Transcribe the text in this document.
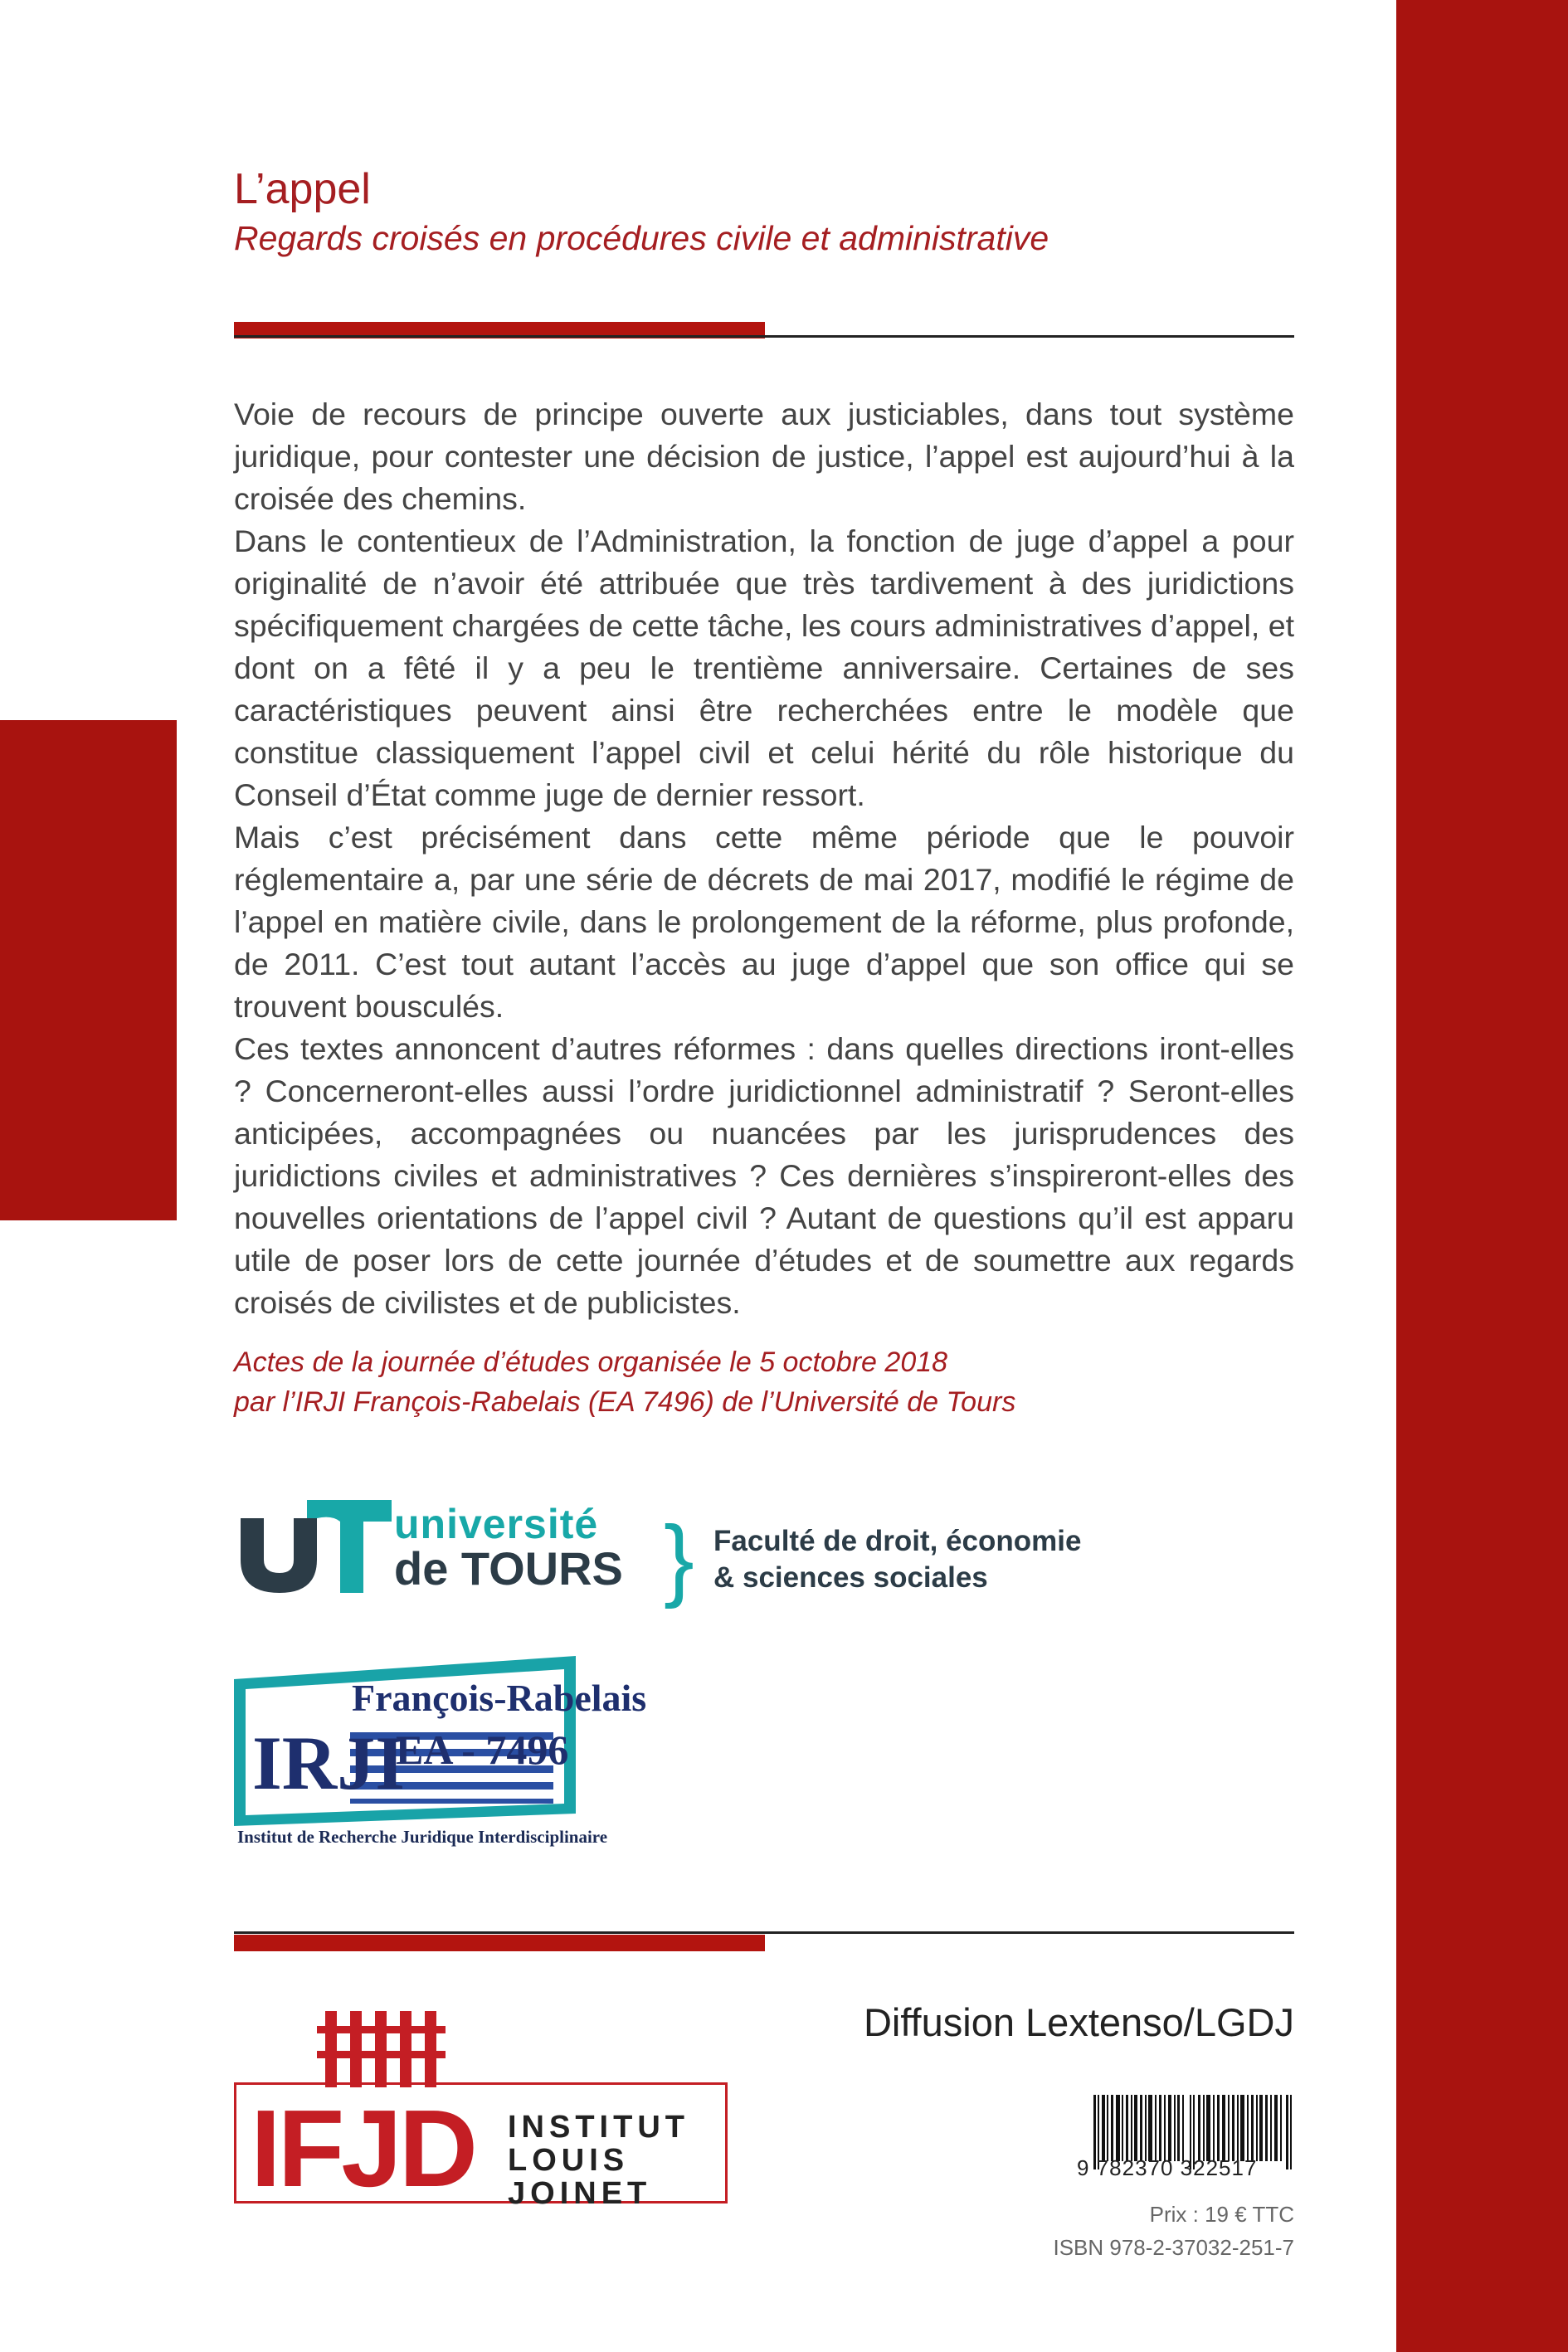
105
L’appel
Regards croisés en procédures civile et administrative

Voie de recours de principe ouverte aux justiciables, dans tout système juridique, pour contester une décision de justice, l’appel est aujourd’hui à la croisée des chemins.

Dans le contentieux de l’Administration, la fonction de juge d’appel a pour originalité de n’avoir été attribuée que très tardivement à des juridictions spécifiquement chargées de cette tâche, les cours administratives d’appel, et dont on a fêté il y a peu le trentième anniversaire. Certaines de ses caractéristiques peuvent ainsi être recherchées entre le modèle que constitue classiquement l’appel civil et celui hérité du rôle historique du Conseil d’État comme juge de dernier ressort.

Mais c’est précisément dans cette même période que le pouvoir réglementaire a, par une série de décrets de mai 2017, modifié le régime de l’appel en matière civile, dans le prolongement de la réforme, plus profonde, de 2011. C’est tout autant l’accès au juge d’appel que son office qui se trouvent bousculés.

Ces textes annoncent d’autres réformes : dans quelles directions iront-elles ? Concerneront-elles aussi l’ordre juridictionnel administratif ? Seront-elles anticipées, accompagnées ou nuancées par les jurisprudences des juridictions civiles et administratives ? Ces dernières s’inspireront-elles des nouvelles orientations de l’appel civil ? Autant de questions qu’il est apparu utile de poser lors de cette journée d’études et de soumettre aux regards croisés de civilistes et de publicistes.

Actes de la journée d’études organisée le 5 octobre 2018
par l’IRJI François-Rabelais (EA 7496) de l’Université de Tours
université
de TOURS } Faculté de droit, économie
& sciences sociales
IRJI
François-Rabelais
EA - 7496
Institut de Recherche Juridique Interdisciplinaire
Diffusion Lextenso/LGDJ
IFJD INSTITUT
LOUIS
JOINET
9 782370 322517
Prix : 19 € TTC
ISBN 978-2-37032-251-7
